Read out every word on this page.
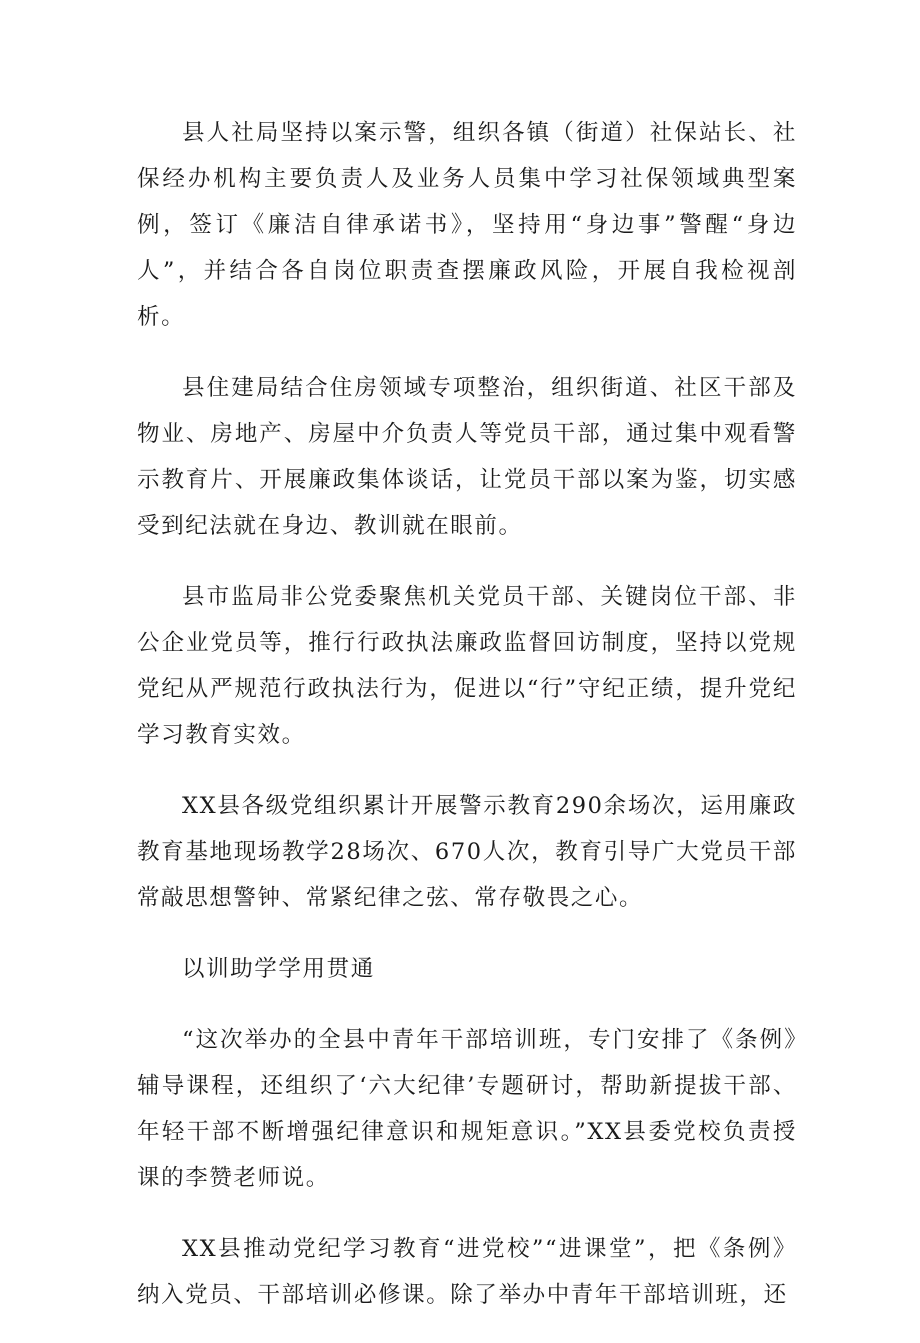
县人社局坚持以案示警，组织各镇（街道）社保站长、社保经办机构主要负责人及业务人员集中学习社保领域典型案例，签订《廉洁自律承诺书》，坚持用“身边事”警醒“身边人”，并结合各自岗位职责查摆廉政风险，开展自我检视剖析。

县住建局结合住房领域专项整治，组织街道、社区干部及物业、房地产、房屋中介负责人等党员干部，通过集中观看警示教育片、开展廉政集体谈话，让党员干部以案为鉴，切实感受到纪法就在身边、教训就在眼前。

县市监局非公党委聚焦机关党员干部、关键岗位干部、非公企业党员等，推行行政执法廉政监督回访制度，坚持以党规党纪从严规范行政执法行为，促进以“行”守纪正绩，提升党纪学习教育实效。

XX县各级党组织累计开展警示教育290余场次，运用廉政教育基地现场教学28场次、670人次，教育引导广大党员干部常敲思想警钟、常紧纪律之弦、常存敬畏之心。

以训助学学用贯通

“这次举办的全县中青年干部培训班，专门安排了《条例》辅导课程，还组织了‘六大纪律’专题研讨，帮助新提拔干部、年轻干部不断增强纪律意识和规矩意识。”XX县委党校负责授课的李赞老师说。

XX县推动党纪学习教育“进党校”“进课堂”，把《条例》纳入党员、干部培训必修课。除了举办中青年干部培训班，还
